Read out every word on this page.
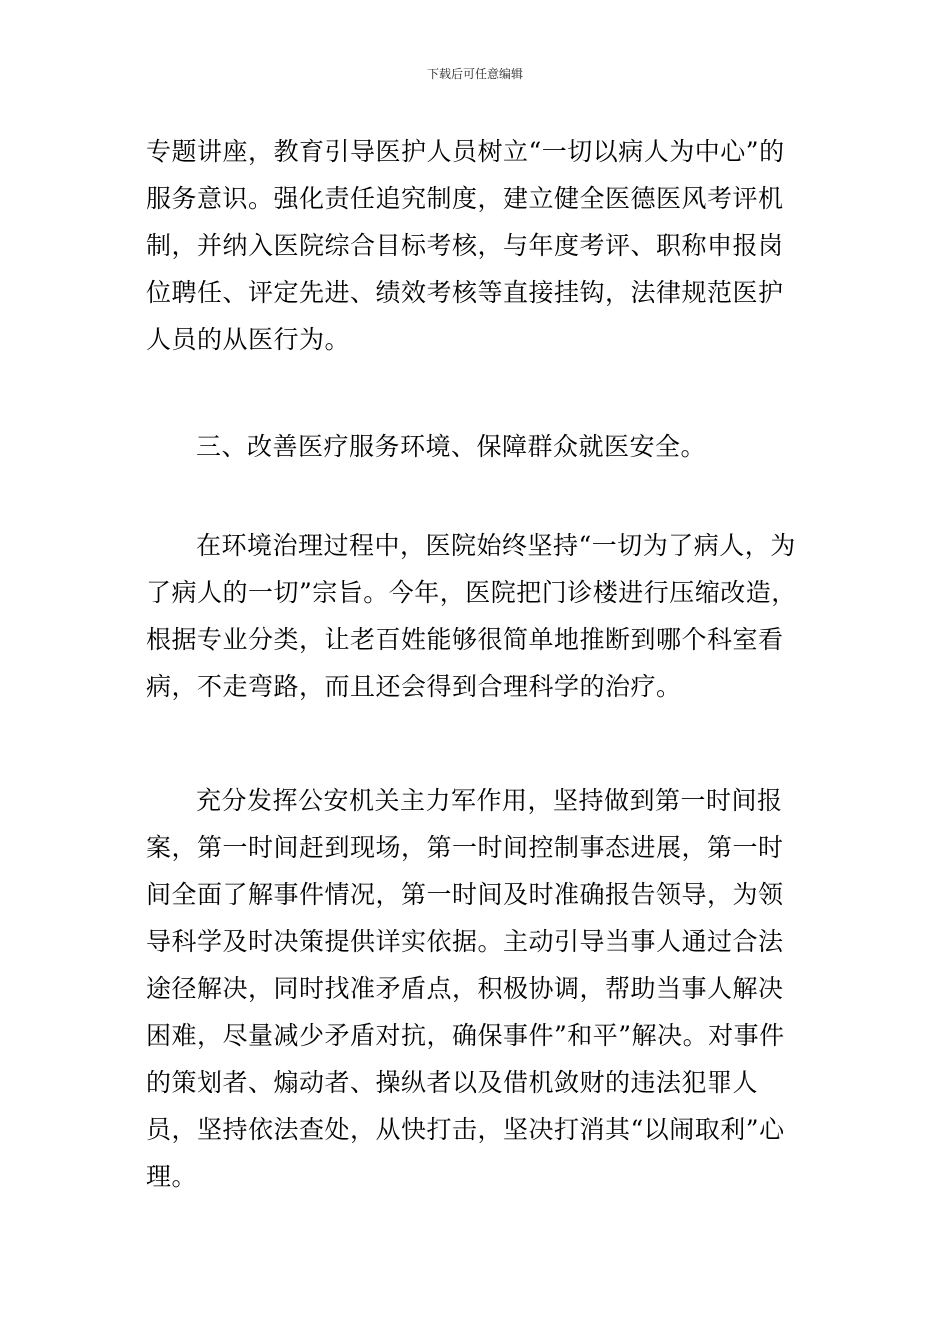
下载后可任意编辑

专题讲座，教育引导医护人员树立“一切以病人为中心”的服务意识。强化责任追究制度，建立健全医德医风考评机制，并纳入医院综合目标考核，与年度考评、职称申报岗位聘任、评定先进、绩效考核等直接挂钩，法律规范医护人员的从医行为。

三、改善医疗服务环境、保障群众就医安全。

在环境治理过程中，医院始终坚持“一切为了病人，为了病人的一切”宗旨。今年，医院把门诊楼进行压缩改造，根据专业分类，让老百姓能够很简单地推断到哪个科室看病，不走弯路，而且还会得到合理科学的治疗。

充分发挥公安机关主力军作用，坚持做到第一时间报案，第一时间赶到现场，第一时间控制事态进展，第一时间全面了解事件情况，第一时间及时准确报告领导，为领导科学及时决策提供详实依据。主动引导当事人通过合法途径解决，同时找准矛盾点，积极协调，帮助当事人解决困难，尽量减少矛盾对抗，确保事件”和平”解决。对事件的策划者、煽动者、操纵者以及借机敛财的违法犯罪人员，坚持依法查处，从快打击，坚决打消其“以闹取利”心理。
